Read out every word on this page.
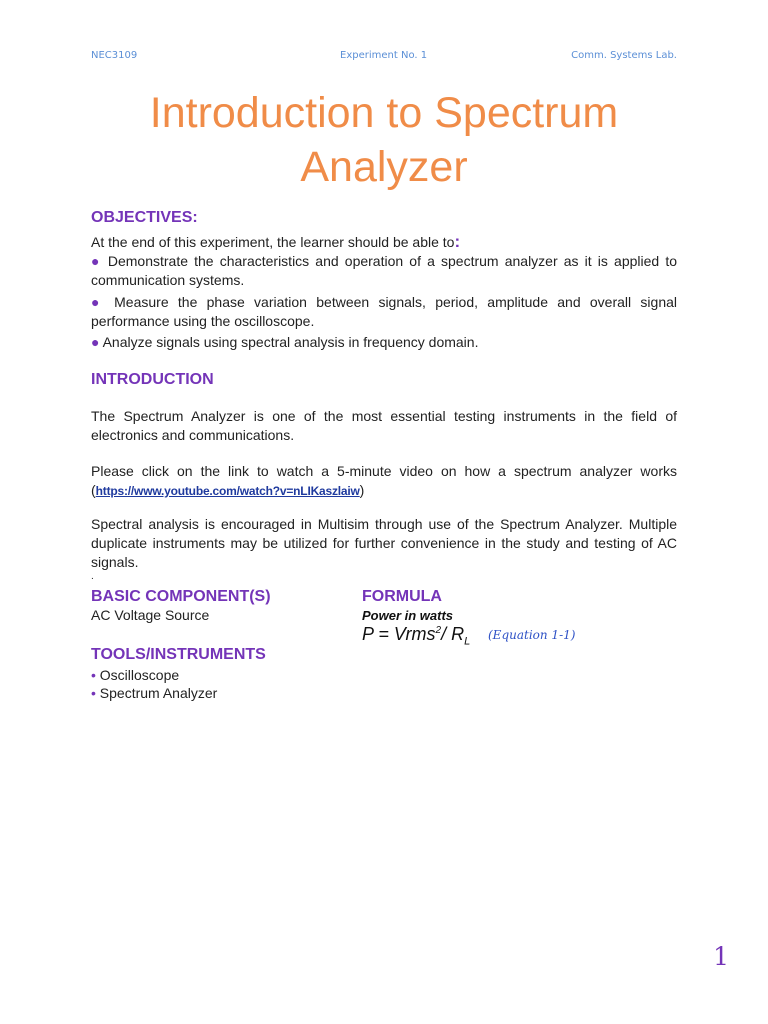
NEC3109	Experiment No. 1	Comm. Systems Lab.
Introduction to Spectrum
Analyzer
OBJECTIVES:

At the end of this experiment, the learner should be able to:

● Demonstrate the characteristics and operation of a spectrum analyzer as it is applied to communication systems.

● Measure the phase variation between signals, period, amplitude and overall signal performance using the oscilloscope.

● Analyze signals using spectral analysis in frequency domain.

INTRODUCTION

The Spectrum Analyzer is one of the most essential testing instruments in the field of electronics and communications.

Please click on the link to watch a 5-minute video on how a spectrum analyzer works (https://www.youtube.com/watch?v=nLIKaszlaiw)

Spectral analysis is encouraged in Multisim through use of the Spectrum Analyzer. Multiple duplicate instruments may be utilized for further convenience in the study and testing of AC signals.

.

BASIC COMPONENT(S)

AC Voltage Source

FORMULA

Power in watts

P = Vrms$^2$/ $R_L$ (Equation 1-1)
TOOLS/INSTRUMENTS
• Oscilloscope
• Spectrum Analyzer
1
